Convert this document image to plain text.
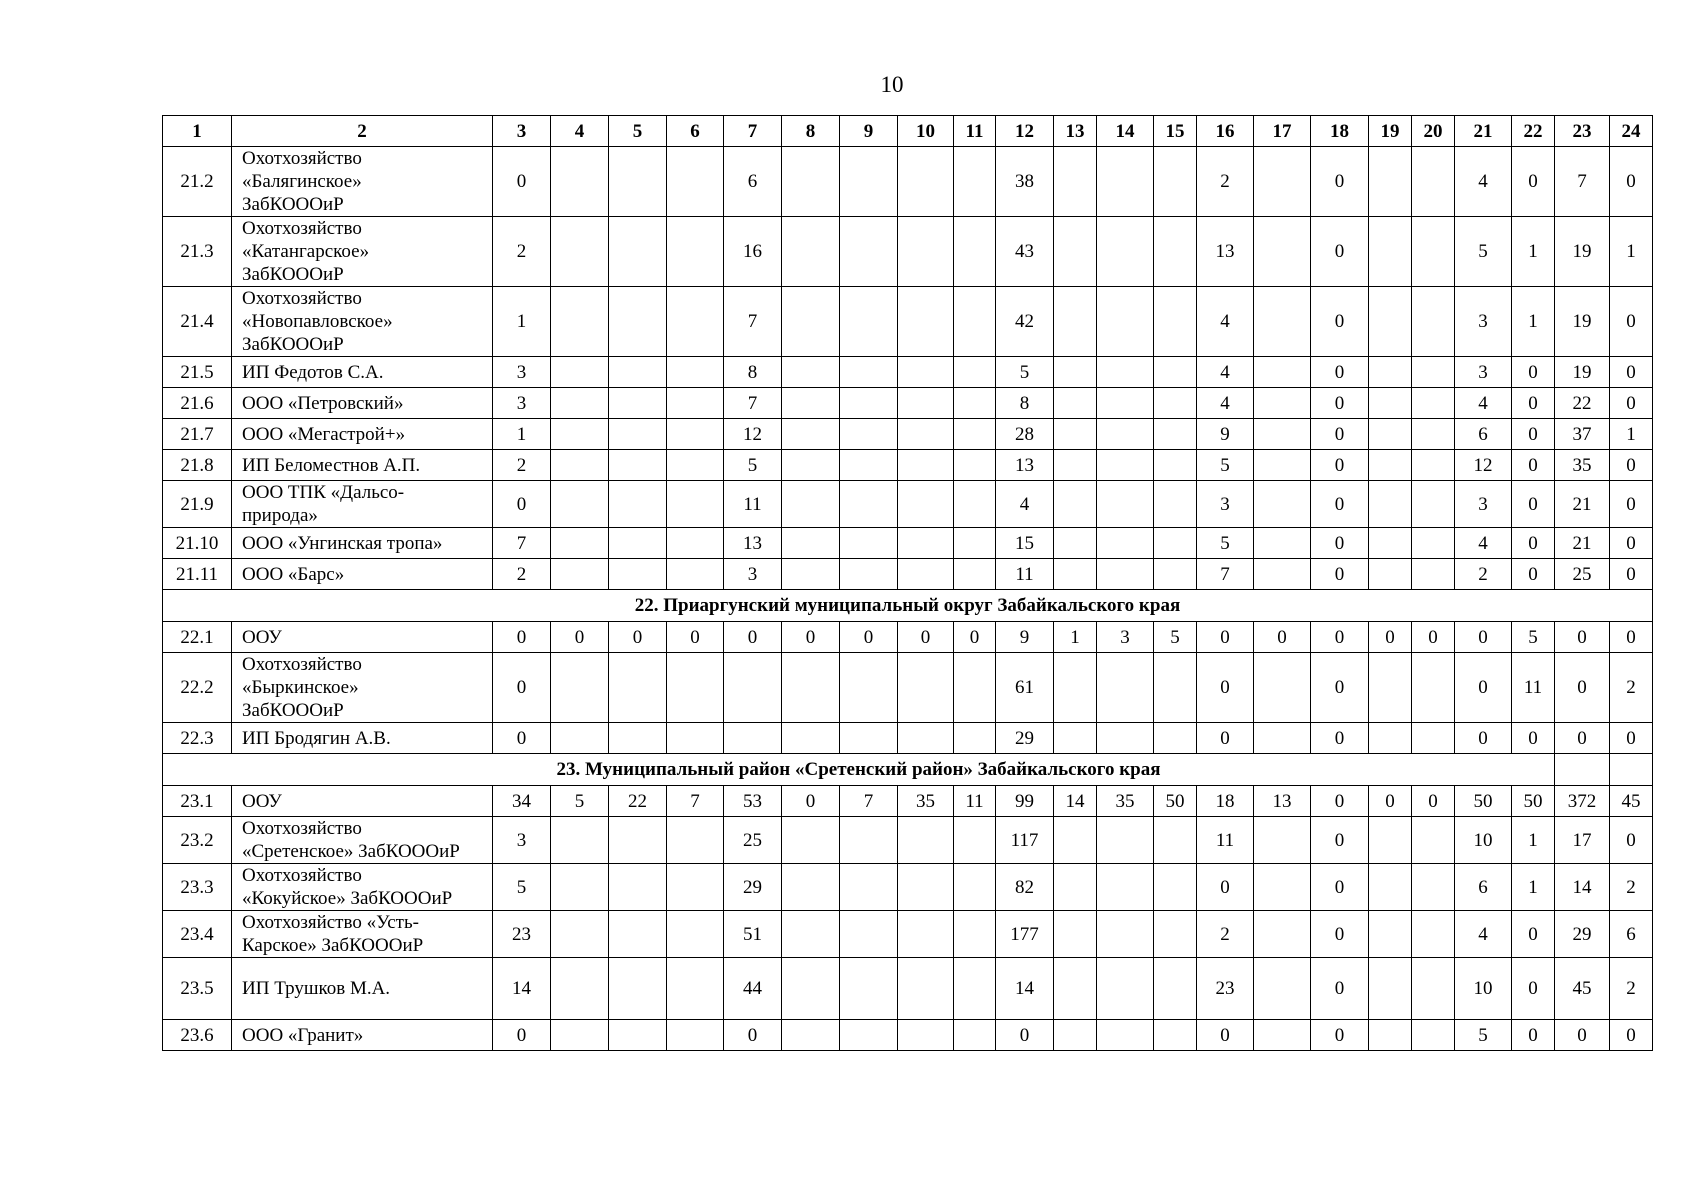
10
1	2	3	4	5	6	7	8	9	10	11	12	13	14	15	16	17	18	19	20	21	22	23	24
21.2	Охотхозяйство
«Балягинское»
ЗабКОООиР	0				6					38				2		0			4	0	7	0
21.3	Охотхозяйство
«Катангарское»
ЗабКОООиР	2				16					43				13		0			5	1	19	1
21.4	Охотхозяйство
«Новопавловское»
ЗабКОООиР	1				7					42				4		0			3	1	19	0
21.5	ИП Федотов С.А.	3				8					5				4		0			3	0	19	0
21.6	ООО «Петровский»	3				7					8				4		0			4	0	22	0
21.7	ООО «Мегастрой+»	1				12					28				9		0			6	0	37	1
21.8	ИП Беломестнов А.П.	2				5					13				5		0			12	0	35	0
21.9	ООО ТПК «Дальсо-
природа»	0				11					4				3		0			3	0	21	0
21.10	ООО «Унгинская тропа»	7				13					15				5		0			4	0	21	0
21.11	ООО «Барс»	2				3					11				7		0			2	0	25	0
22. Приаргунский муниципальный округ Забайкальского края																							
22.1	ООУ	0	0	0	0	0	0	0	0	0	9	1	3	5	0	0	0	0	0	0	5	0	0
22.2	Охотхозяйство
«Быркинское»
ЗабКОООиР	0									61				0		0			0	11	0	2
22.3	ИП Бродягин А.В.	0									29				0		0			0	0	0	0
23. Муниципальный район «Сретенский район» Забайкальского края																							
23.1	ООУ	34	5	22	7	53	0	7	35	11	99	14	35	50	18	13	0	0	0	50	50	372	45
23.2	Охотхозяйство
«Сретенское» ЗабКОООиР	3				25					117				11		0			10	1	17	0
23.3	Охотхозяйство
«Кокуйское» ЗабКОООиР	5				29					82				0		0			6	1	14	2
23.4	Охотхозяйство «Усть-
Карское» ЗабКОООиР	23				51					177				2		0			4	0	29	6
23.5	ИП Трушков М.А.	14				44					14				23		0			10	0	45	2
23.6	ООО «Гранит»	0				0					0				0		0			5	0	0	0
